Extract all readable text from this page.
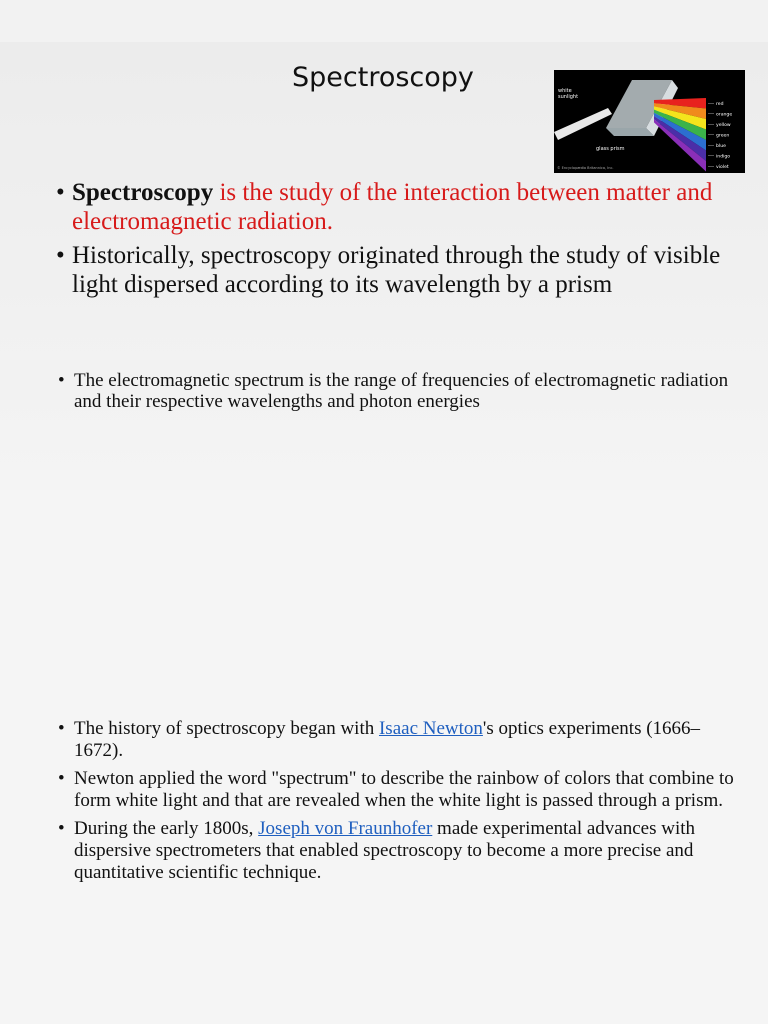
Spectroscopy
red
orange
yellow
green
blue
indigo
violet
white
sunlight
glass prism
© Encyclopædia Britannica, Inc.
• Spectroscopy is the study of the interaction between matter and electromagnetic radiation.
• Historically, spectroscopy originated through the study of visible light dispersed according to its wavelength by a prism
• The electromagnetic spectrum is the range of frequencies of electromagnetic radiation and their respective wavelengths and photon energies
• The history of spectroscopy began with Isaac Newton's optics experiments (1666–1672).
• Newton applied the word "spectrum" to describe the rainbow of colors that combine to form white light and that are revealed when the white light is passed through a prism.
• During the early 1800s, Joseph von Fraunhofer made experimental advances with dispersive spectrometers that enabled spectroscopy to become a more precise and quantitative scientific technique.
